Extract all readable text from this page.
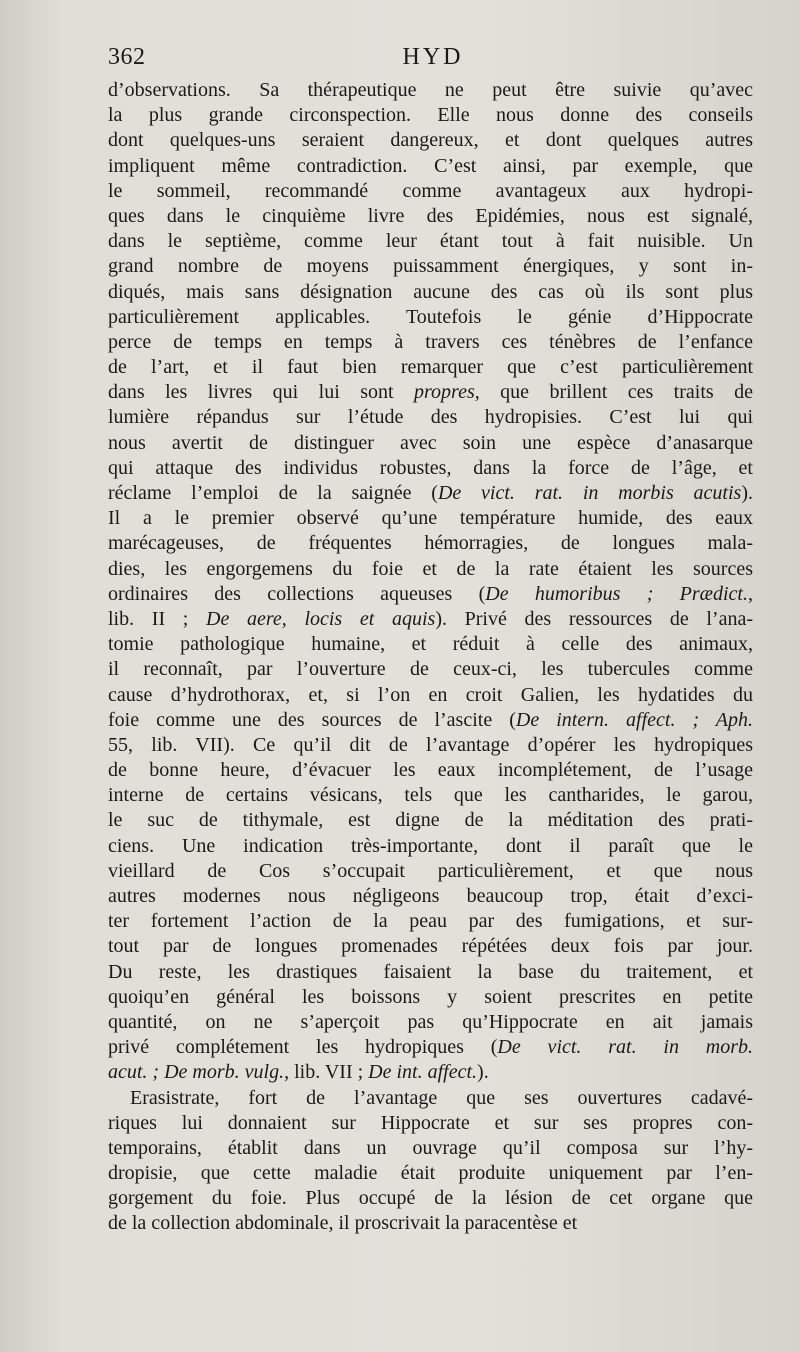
362	HYD
d’observations. Sa thérapeutique ne peut être suivie qu’avec
la plus grande circonspection. Elle nous donne des conseils
dont quelques-uns seraient dangereux, et dont quelques autres
impliquent même contradiction. C’est ainsi, par exemple, que
le sommeil, recommandé comme avantageux aux hydropi-
ques dans le cinquième livre des Epidémies, nous est signalé,
dans le septième, comme leur étant tout à fait nuisible. Un
grand nombre de moyens puissamment énergiques, y sont in-
diqués, mais sans désignation aucune des cas où ils sont plus
particulièrement applicables. Toutefois le génie d’Hippocrate
perce de temps en temps à travers ces ténèbres de l’enfance
de l’art, et il faut bien remarquer que c’est particulièrement
dans les livres qui lui sont propres, que brillent ces traits de
lumière répandus sur l’étude des hydropisies. C’est lui qui
nous avertit de distinguer avec soin une espèce d’anasarque
qui attaque des individus robustes, dans la force de l’âge, et
réclame l’emploi de la saignée (De vict. rat. in morbis acutis).
Il a le premier observé qu’une température humide, des eaux
marécageuses, de fréquentes hémorragies, de longues mala-
dies, les engorgemens du foie et de la rate étaient les sources
ordinaires des collections aqueuses (De humoribus ; Prædict.,
lib. II ; De aere, locis et aquis). Privé des ressources de l’ana-
tomie pathologique humaine, et réduit à celle des animaux,
il reconnaît, par l’ouverture de ceux-ci, les tubercules comme
cause d’hydrothorax, et, si l’on en croit Galien, les hydatides du
foie comme une des sources de l’ascite (De intern. affect. ; Aph.
55, lib. VII). Ce qu’il dit de l’avantage d’opérer les hydropiques
de bonne heure, d’évacuer les eaux incomplétement, de l’usage
interne de certains vésicans, tels que les cantharides, le garou,
le suc de tithymale, est digne de la méditation des prati-
ciens. Une indication très-importante, dont il paraît que le
vieillard de Cos s’occupait particulièrement, et que nous
autres modernes nous négligeons beaucoup trop, était d’exci-
ter fortement l’action de la peau par des fumigations, et sur-
tout par de longues promenades répétées deux fois par jour.
Du reste, les drastiques faisaient la base du traitement, et
quoiqu’en général les boissons y soient prescrites en petite
quantité, on ne s’aperçoit pas qu’Hippocrate en ait jamais
privé complétement les hydropiques (De vict. rat. in morb.
acut. ; De morb. vulg., lib. VII ; De int. affect.).
Erasistrate, fort de l’avantage que ses ouvertures cadavé-
riques lui donnaient sur Hippocrate et sur ses propres con-
temporains, établit dans un ouvrage qu’il composa sur l’hy-
dropisie, que cette maladie était produite uniquement par l’en-
gorgement du foie. Plus occupé de la lésion de cet organe que
de la collection abdominale, il proscrivait la paracentèse et
